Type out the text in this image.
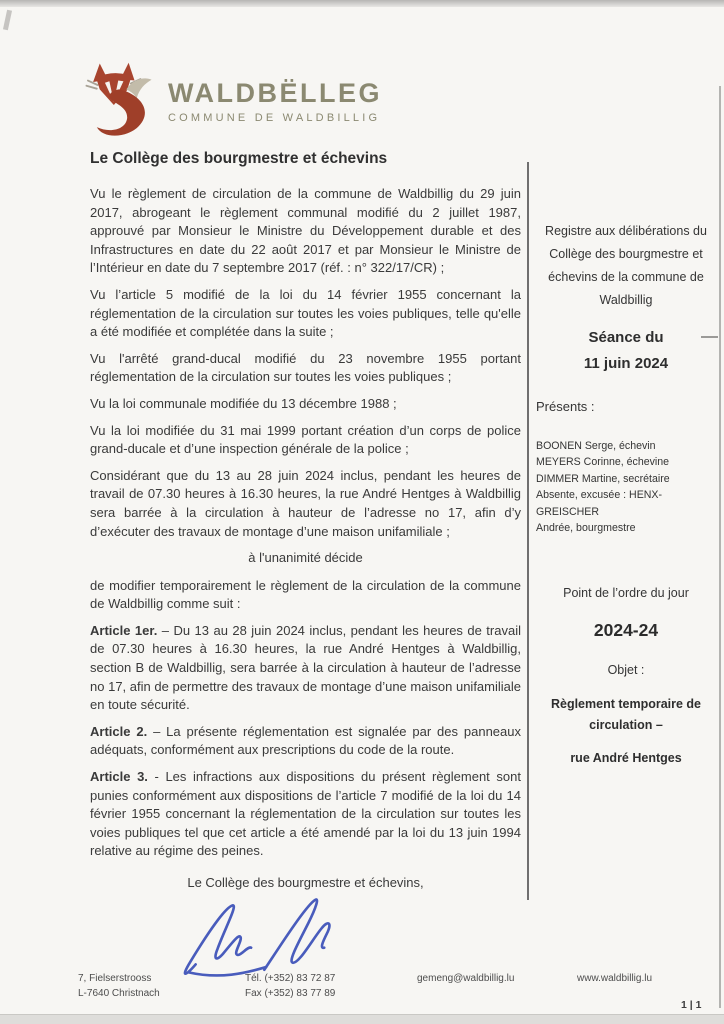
WALDBËLLEG
COMMUNE DE WALDBILLIG
Le Collège des bourgmestre et échevins

Vu le règlement de circulation de la commune de Waldbillig du 29 juin 2017, abrogeant le règlement communal modifié du 2 juillet 1987, approuvé par Monsieur le Ministre du Développement durable et des Infrastructures en date du 22 août 2017 et par Monsieur le Ministre de l’Intérieur en date du 7 septembre 2017 (réf. : n° 322/17/CR) ;

Vu l’article 5 modifié de la loi du 14 février 1955 concernant la réglementation de la circulation sur toutes les voies publiques, telle qu'elle a été modifiée et complétée dans la suite ;

Vu l'arrêté grand-ducal modifié du 23 novembre 1955 portant réglementation de la circulation sur toutes les voies publiques ;

Vu la loi communale modifiée du 13 décembre 1988 ;

Vu la loi modifiée du 31 mai 1999 portant création d’un corps de police grand-ducale et d’une inspection générale de la police ;

Considérant que du 13 au 28 juin 2024 inclus, pendant les heures de travail de 07.30 heures à 16.30 heures, la rue André Hentges à Waldbillig sera barrée à la circulation à hauteur de l’adresse no 17, afin d’y d’exécuter des travaux de montage d’une maison unifamiliale ;

à l'unanimité décide

de modifier temporairement le règlement de la circulation de la commune de Waldbillig comme suit :

Article 1er. – Du 13 au 28 juin 2024 inclus, pendant les heures de travail de 07.30 heures à 16.30 heures, la rue André Hentges à Waldbillig, section B de Waldbillig, sera barrée à la circulation à hauteur de l’adresse no 17, afin de permettre des travaux de montage d’une maison unifamiliale en toute sécurité.

Article 2. – La présente réglementation est signalée par des panneaux adéquats, conformément aux prescriptions du code de la route.

Article 3. - Les infractions aux dispositions du présent règlement sont punies conformément aux dispositions de l’article 7 modifié de la loi du 14 février 1955 concernant la réglementation de la circulation sur toutes les voies publiques tel que cet article a été amendé par la loi du 13 juin 1994 relative au régime des peines.

Le Collège des bourgmestre et échevins,
Registre aux délibérations du Collège des bourgmestre et échevins de la commune de Waldbillig
Séance du
11 juin 2024
Présents :
BOONEN Serge, échevin
MEYERS Corinne, échevine
DIMMER Martine, secrétaire
Absente, excusée : HENX-GREISCHER
Andrée, bourgmestre
Point de l’ordre du jour
2024-24
Objet :
Règlement temporaire de circulation –
rue André Hentges
7, Fielserstrooss
L-7640 Christnach
Tél. (+352) 83 72 87
Fax (+352) 83 77 89
gemeng@waldbillig.lu	www.waldbillig.lu
1 | 1
